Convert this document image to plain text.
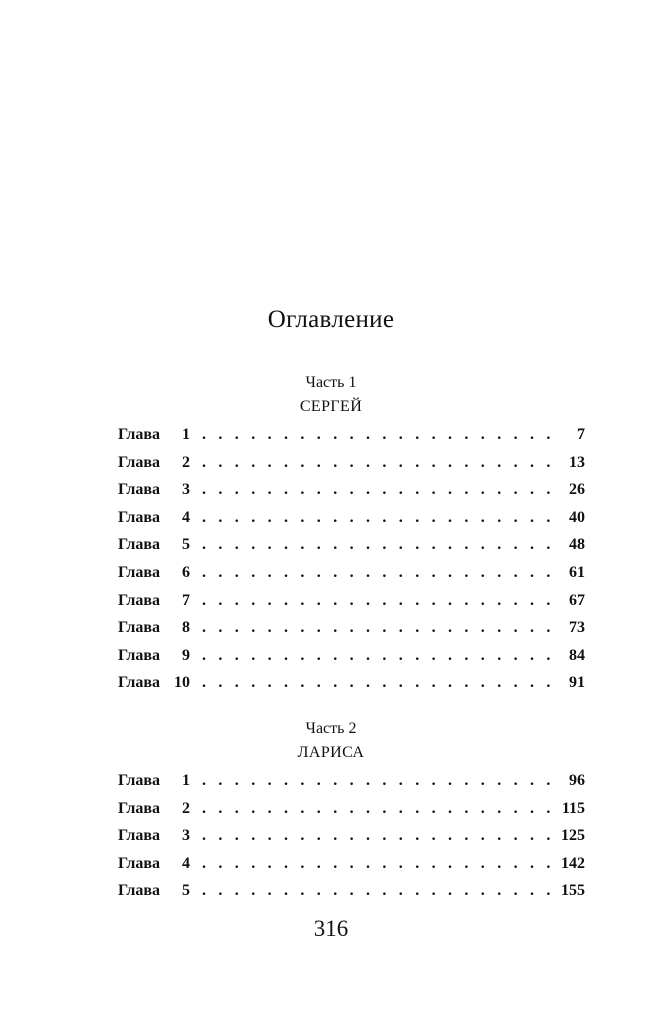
Оглавление
Часть 1
СЕРГЕЙ
Глава	1 . . .	7
Глава	2 . . .	13
Глава	3 . . .	26
Глава	4 . . .	40
Глава	5 . . .	48
Глава	6 . . .	61
Глава	7 . . .	67
Глава	8 . . .	73
Глава	9 . . .	84
Глава 10 . . .	91
Часть 2
ЛАРИСА
Глава	1 . . .	96
Глава	2 . . .	115
Глава	3 . . .	125
Глава	4 . . .	142
Глава	5 . . .	155
316
